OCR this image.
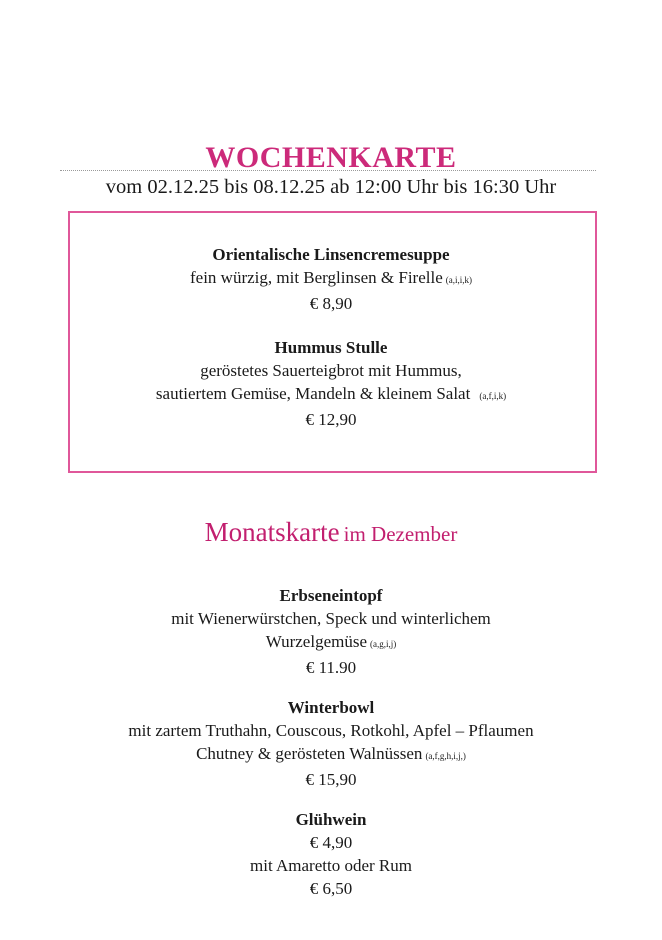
WOCHENKARTE
vom 02.12.25 bis 08.12.25 ab 12:00 Uhr bis 16:30 Uhr
Orientalische Linsencremesuppe
fein würzig, mit Berglinsen & Firelle (a,i,i,k)
€ 8,90
Hummus Stulle
geröstetes Sauerteigbrot mit Hummus,
sautiertem Gemüse, Mandeln & kleinem Salat (a,f,i,k)
€ 12,90
Monatskarte im Dezember
Erbseneintopf
mit Wienerwürstchen, Speck und winterlichem
Wurzelgemüse (a,g,i,j)
€ 11.90
Winterbowl
mit zartem Truthahn, Couscous, Rotkohl, Apfel – Pflaumen
Chutney & gerösteten Walnüssen (a,f,g,h,i,j,)
€ 15,90
Glühwein
€ 4,90
mit Amaretto oder Rum
€ 6,50
